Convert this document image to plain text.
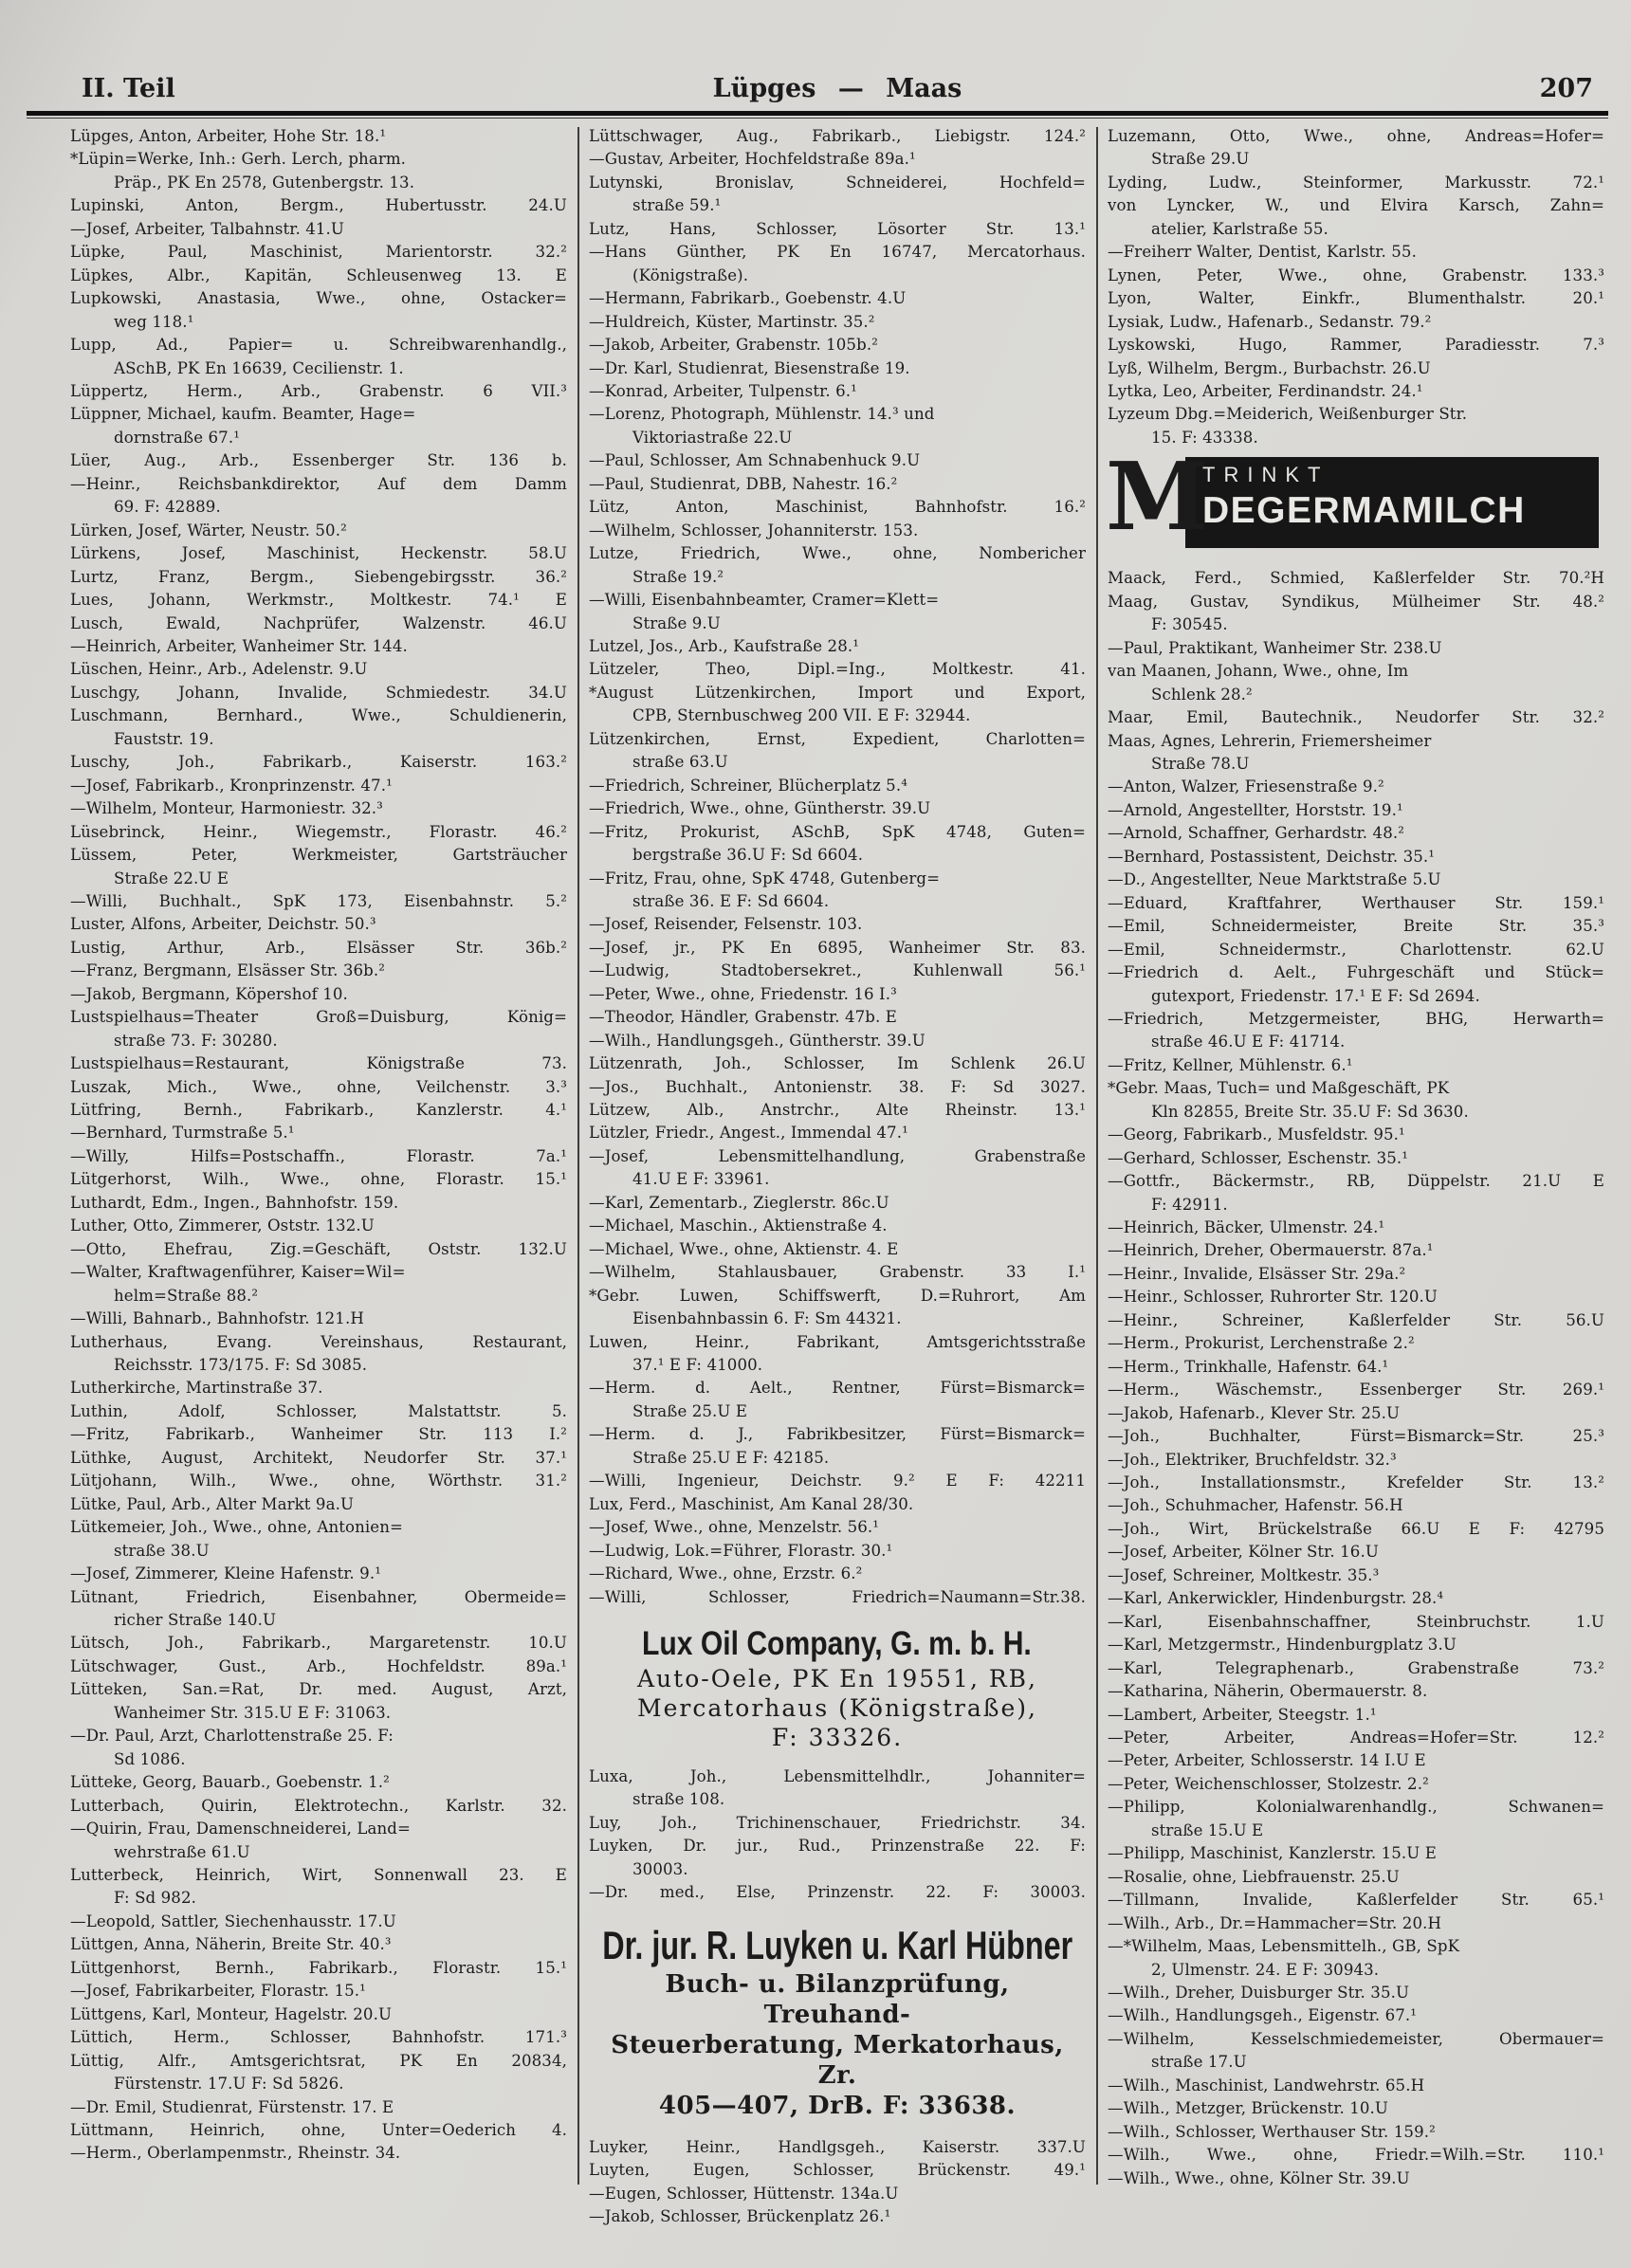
II. Teil	Lüpges — Maas	207
Lüpges, Anton, Arbeiter, Hohe Str. 18.¹
*Lüpin=Werke, Inh.: Gerh. Lerch, pharm.
Präp., PK En 2578, Gutenbergstr. 13.
Lupinski, Anton, Bergm., Hubertusstr. 24.U
—Josef, Arbeiter, Talbahnstr. 41.U
Lüpke, Paul, Maschinist, Marientorstr. 32.²
Lüpkes, Albr., Kapitän, Schleusenweg 13. E
Lupkowski, Anastasia, Wwe., ohne, Ostacker=
weg 118.¹
Lupp, Ad., Papier= u. Schreibwarenhandlg.,
ASchB, PK En 16639, Cecilienstr. 1.
Lüppertz, Herm., Arb., Grabenstr. 6 VII.³
Lüppner, Michael, kaufm. Beamter, Hage=
dornstraße 67.¹
Lüer, Aug., Arb., Essenberger Str. 136 b.
—Heinr., Reichsbankdirektor, Auf dem Damm
69. F: 42889.
Lürken, Josef, Wärter, Neustr. 50.²
Lürkens, Josef, Maschinist, Heckenstr. 58.U
Lurtz, Franz, Bergm., Siebengebirgsstr. 36.²
Lues, Johann, Werkmstr., Moltkestr. 74.¹ E
Lusch, Ewald, Nachprüfer, Walzenstr. 46.U
—Heinrich, Arbeiter, Wanheimer Str. 144.
Lüschen, Heinr., Arb., Adelenstr. 9.U
Luschgy, Johann, Invalide, Schmiedestr. 34.U
Luschmann, Bernhard., Wwe., Schuldienerin,
Fauststr. 19.
Luschy, Joh., Fabrikarb., Kaiserstr. 163.²
—Josef, Fabrikarb., Kronprinzenstr. 47.¹
—Wilhelm, Monteur, Harmoniestr. 32.³
Lüsebrinck, Heinr., Wiegemstr., Florastr. 46.²
Lüssem, Peter, Werkmeister, Gartsträucher
Straße 22.U E
—Willi, Buchhalt., SpK 173, Eisenbahnstr. 5.²
Luster, Alfons, Arbeiter, Deichstr. 50.³
Lustig, Arthur, Arb., Elsässer Str. 36b.²
—Franz, Bergmann, Elsässer Str. 36b.²
—Jakob, Bergmann, Köpershof 10.
Lustspielhaus=Theater Groß=Duisburg, König=
straße 73. F: 30280.
Lustspielhaus=Restaurant, Königstraße 73.
Luszak, Mich., Wwe., ohne, Veilchenstr. 3.³
Lütfring, Bernh., Fabrikarb., Kanzlerstr. 4.¹
—Bernhard, Turmstraße 5.¹
—Willy, Hilfs=Postschaffn., Florastr. 7a.¹
Lütgerhorst, Wilh., Wwe., ohne, Florastr. 15.¹
Luthardt, Edm., Ingen., Bahnhofstr. 159.
Luther, Otto, Zimmerer, Oststr. 132.U
—Otto, Ehefrau, Zig.=Geschäft, Oststr. 132.U
—Walter, Kraftwagenführer, Kaiser=Wil=
helm=Straße 88.²
—Willi, Bahnarb., Bahnhofstr. 121.H
Lutherhaus, Evang. Vereinshaus, Restaurant,
Reichsstr. 173/175. F: Sd 3085.
Lutherkirche, Martinstraße 37.
Luthin, Adolf, Schlosser, Malstattstr. 5.
—Fritz, Fabrikarb., Wanheimer Str. 113 I.²
Lüthke, August, Architekt, Neudorfer Str. 37.¹
Lütjohann, Wilh., Wwe., ohne, Wörthstr. 31.²
Lütke, Paul, Arb., Alter Markt 9a.U
Lütkemeier, Joh., Wwe., ohne, Antonien=
straße 38.U
—Josef, Zimmerer, Kleine Hafenstr. 9.¹
Lütnant, Friedrich, Eisenbahner, Obermeide=
richer Straße 140.U
Lütsch, Joh., Fabrikarb., Margaretenstr. 10.U
Lütschwager, Gust., Arb., Hochfeldstr. 89a.¹
Lütteken, San.=Rat, Dr. med. August, Arzt,
Wanheimer Str. 315.U E F: 31063.
—Dr. Paul, Arzt, Charlottenstraße 25. F:
Sd 1086.
Lütteke, Georg, Bauarb., Goebenstr. 1.²
Lutterbach, Quirin, Elektrotechn., Karlstr. 32.
—Quirin, Frau, Damenschneiderei, Land=
wehrstraße 61.U
Lutterbeck, Heinrich, Wirt, Sonnenwall 23. E
F: Sd 982.
—Leopold, Sattler, Siechenhausstr. 17.U
Lüttgen, Anna, Näherin, Breite Str. 40.³
Lüttgenhorst, Bernh., Fabrikarb., Florastr. 15.¹
—Josef, Fabrikarbeiter, Florastr. 15.¹
Lüttgens, Karl, Monteur, Hagelstr. 20.U
Lüttich, Herm., Schlosser, Bahnhofstr. 171.³
Lüttig, Alfr., Amtsgerichtsrat, PK En 20834,
Fürstenstr. 17.U F: Sd 5826.
—Dr. Emil, Studienrat, Fürstenstr. 17. E
Lüttmann, Heinrich, ohne, Unter=Oederich 4.
—Herm., Oberlampenmstr., Rheinstr. 34.
Lüttschwager, Aug., Fabrikarb., Liebigstr. 124.²
—Gustav, Arbeiter, Hochfeldstraße 89a.¹
Lutynski, Bronislav, Schneiderei, Hochfeld=
straße 59.¹
Lutz, Hans, Schlosser, Lösorter Str. 13.¹
—Hans Günther, PK En 16747, Mercatorhaus.
(Königstraße).
—Hermann, Fabrikarb., Goebenstr. 4.U
—Huldreich, Küster, Martinstr. 35.²
—Jakob, Arbeiter, Grabenstr. 105b.²
—Dr. Karl, Studienrat, Biesenstraße 19.
—Konrad, Arbeiter, Tulpenstr. 6.¹
—Lorenz, Photograph, Mühlenstr. 14.³ und
Viktoriastraße 22.U
—Paul, Schlosser, Am Schnabenhuck 9.U
—Paul, Studienrat, DBB, Nahestr. 16.²
Lütz, Anton, Maschinist, Bahnhofstr. 16.²
—Wilhelm, Schlosser, Johanniterstr. 153.
Lutze, Friedrich, Wwe., ohne, Nombericher
Straße 19.²
—Willi, Eisenbahnbeamter, Cramer=Klett=
Straße 9.U
Lutzel, Jos., Arb., Kaufstraße 28.¹
Lützeler, Theo, Dipl.=Ing., Moltkestr. 41.
*August Lützenkirchen, Import und Export,
CPB, Sternbuschweg 200 VII. E F: 32944.
Lützenkirchen, Ernst, Expedient, Charlotten=
straße 63.U
—Friedrich, Schreiner, Blücherplatz 5.⁴
—Friedrich, Wwe., ohne, Güntherstr. 39.U
—Fritz, Prokurist, ASchB, SpK 4748, Guten=
bergstraße 36.U F: Sd 6604.
—Fritz, Frau, ohne, SpK 4748, Gutenberg=
straße 36. E F: Sd 6604.
—Josef, Reisender, Felsenstr. 103.
—Josef, jr., PK En 6895, Wanheimer Str. 83.
—Ludwig, Stadtobersekret., Kuhlenwall 56.¹
—Peter, Wwe., ohne, Friedenstr. 16 I.³
—Theodor, Händler, Grabenstr. 47b. E
—Wilh., Handlungsgeh., Güntherstr. 39.U
Lützenrath, Joh., Schlosser, Im Schlenk 26.U
—Jos., Buchhalt., Antonienstr. 38. F: Sd 3027.
Lützew, Alb., Anstrchr., Alte Rheinstr. 13.¹
Lützler, Friedr., Angest., Immendal 47.¹
—Josef, Lebensmittelhandlung, Grabenstraße
41.U E F: 33961.
—Karl, Zementarb., Zieglerstr. 86c.U
—Michael, Maschin., Aktienstraße 4.
—Michael, Wwe., ohne, Aktienstr. 4. E
—Wilhelm, Stahlausbauer, Grabenstr. 33 I.¹
*Gebr. Luwen, Schiffswerft, D.=Ruhrort, Am
Eisenbahnbassin 6. F: Sm 44321.
Luwen, Heinr., Fabrikant, Amtsgerichtsstraße
37.¹ E F: 41000.
—Herm. d. Aelt., Rentner, Fürst=Bismarck=
Straße 25.U E
—Herm. d. J., Fabrikbesitzer, Fürst=Bismarck=
Straße 25.U E F: 42185.
—Willi, Ingenieur, Deichstr. 9.² E F: 42211
Lux, Ferd., Maschinist, Am Kanal 28/30.
—Josef, Wwe., ohne, Menzelstr. 56.¹
—Ludwig, Lok.=Führer, Florastr. 30.¹
—Richard, Wwe., ohne, Erzstr. 6.²
—Willi, Schlosser, Friedrich=Naumann=Str.38.
Lux Oil Company, G. m. b. H.
Auto-Oele, PK En 19551, RB,
Mercatorhaus (Königstraße),
F: 33326.
Luxa, Joh., Lebensmittelhdlr., Johanniter=
straße 108.
Luy, Joh., Trichinenschauer, Friedrichstr. 34.
Luyken, Dr. jur., Rud., Prinzenstraße 22. F:
30003.
—Dr. med., Else, Prinzenstr. 22. F: 30003.
Dr. jur. R. Luyken u. Karl Hübner
Buch- u. Bilanzprüfung, Treuhand-
Steuerberatung, Merkatorhaus, Zr.
405—407, DrB. F: 33638.
Luyker, Heinr., Handlgsgeh., Kaiserstr. 337.U
Luyten, Eugen, Schlosser, Brückenstr. 49.¹
—Eugen, Schlosser, Hüttenstr. 134a.U
—Jakob, Schlosser, Brückenplatz 26.¹
Luzemann, Otto, Wwe., ohne, Andreas=Hofer=
Straße 29.U
Lyding, Ludw., Steinformer, Markusstr. 72.¹
von Lyncker, W., und Elvira Karsch, Zahn=
atelier, Karlstraße 55.
—Freiherr Walter, Dentist, Karlstr. 55.
Lynen, Peter, Wwe., ohne, Grabenstr. 133.³
Lyon, Walter, Einkfr., Blumenthalstr. 20.¹
Lysiak, Ludw., Hafenarb., Sedanstr. 79.²
Lyskowski, Hugo, Rammer, Paradiesstr. 7.³
Lyß, Wilhelm, Bergm., Burbachstr. 26.U
Lytka, Leo, Arbeiter, Ferdinandstr. 24.¹
Lyzeum Dbg.=Meiderich, Weißenburger Str.
15. F: 43338.
M
TRINKT
DEGERMAMILCH
Maack, Ferd., Schmied, Kaßlerfelder Str. 70.²H
Maag, Gustav, Syndikus, Mülheimer Str. 48.²
F: 30545.
—Paul, Praktikant, Wanheimer Str. 238.U
van Maanen, Johann, Wwe., ohne, Im
Schlenk 28.²
Maar, Emil, Bautechnik., Neudorfer Str. 32.²
Maas, Agnes, Lehrerin, Friemersheimer
Straße 78.U
—Anton, Walzer, Friesenstraße 9.²
—Arnold, Angestellter, Horststr. 19.¹
—Arnold, Schaffner, Gerhardstr. 48.²
—Bernhard, Postassistent, Deichstr. 35.¹
—D., Angestellter, Neue Marktstraße 5.U
—Eduard, Kraftfahrer, Werthauser Str. 159.¹
—Emil, Schneidermeister, Breite Str. 35.³
—Emil, Schneidermstr., Charlottenstr. 62.U
—Friedrich d. Aelt., Fuhrgeschäft und Stück=
gutexport, Friedenstr. 17.¹ E F: Sd 2694.
—Friedrich, Metzgermeister, BHG, Herwarth=
straße 46.U E F: 41714.
—Fritz, Kellner, Mühlenstr. 6.¹
*Gebr. Maas, Tuch= und Maßgeschäft, PK
Kln 82855, Breite Str. 35.U F: Sd 3630.
—Georg, Fabrikarb., Musfeldstr. 95.¹
—Gerhard, Schlosser, Eschenstr. 35.¹
—Gottfr., Bäckermstr., RB, Düppelstr. 21.U E
F: 42911.
—Heinrich, Bäcker, Ulmenstr. 24.¹
—Heinrich, Dreher, Obermauerstr. 87a.¹
—Heinr., Invalide, Elsässer Str. 29a.²
—Heinr., Schlosser, Ruhrorter Str. 120.U
—Heinr., Schreiner, Kaßlerfelder Str. 56.U
—Herm., Prokurist, Lerchenstraße 2.²
—Herm., Trinkhalle, Hafenstr. 64.¹
—Herm., Wäschemstr., Essenberger Str. 269.¹
—Jakob, Hafenarb., Klever Str. 25.U
—Joh., Buchhalter, Fürst=Bismarck=Str. 25.³
—Joh., Elektriker, Bruchfeldstr. 32.³
—Joh., Installationsmstr., Krefelder Str. 13.²
—Joh., Schuhmacher, Hafenstr. 56.H
—Joh., Wirt, Brückelstraße 66.U E F: 42795
—Josef, Arbeiter, Kölner Str. 16.U
—Josef, Schreiner, Moltkestr. 35.³
—Karl, Ankerwickler, Hindenburgstr. 28.⁴
—Karl, Eisenbahnschaffner, Steinbruchstr. 1.U
—Karl, Metzgermstr., Hindenburgplatz 3.U
—Karl, Telegraphenarb., Grabenstraße 73.²
—Katharina, Näherin, Obermauerstr. 8.
—Lambert, Arbeiter, Steegstr. 1.¹
—Peter, Arbeiter, Andreas=Hofer=Str. 12.²
—Peter, Arbeiter, Schlosserstr. 14 I.U E
—Peter, Weichenschlosser, Stolzestr. 2.²
—Philipp, Kolonialwarenhandlg., Schwanen=
straße 15.U E
—Philipp, Maschinist, Kanzlerstr. 15.U E
—Rosalie, ohne, Liebfrauenstr. 25.U
—Tillmann, Invalide, Kaßlerfelder Str. 65.¹
—Wilh., Arb., Dr.=Hammacher=Str. 20.H
—*Wilhelm, Maas, Lebensmittelh., GB, SpK
2, Ulmenstr. 24. E F: 30943.
—Wilh., Dreher, Duisburger Str. 35.U
—Wilh., Handlungsgeh., Eigenstr. 67.¹
—Wilhelm, Kesselschmiedemeister, Obermauer=
straße 17.U
—Wilh., Maschinist, Landwehrstr. 65.H
—Wilh., Metzger, Brückenstr. 10.U
—Wilh., Schlosser, Werthauser Str. 159.²
—Wilh., Wwe., ohne, Friedr.=Wilh.=Str. 110.¹
—Wilh., Wwe., ohne, Kölner Str. 39.U
